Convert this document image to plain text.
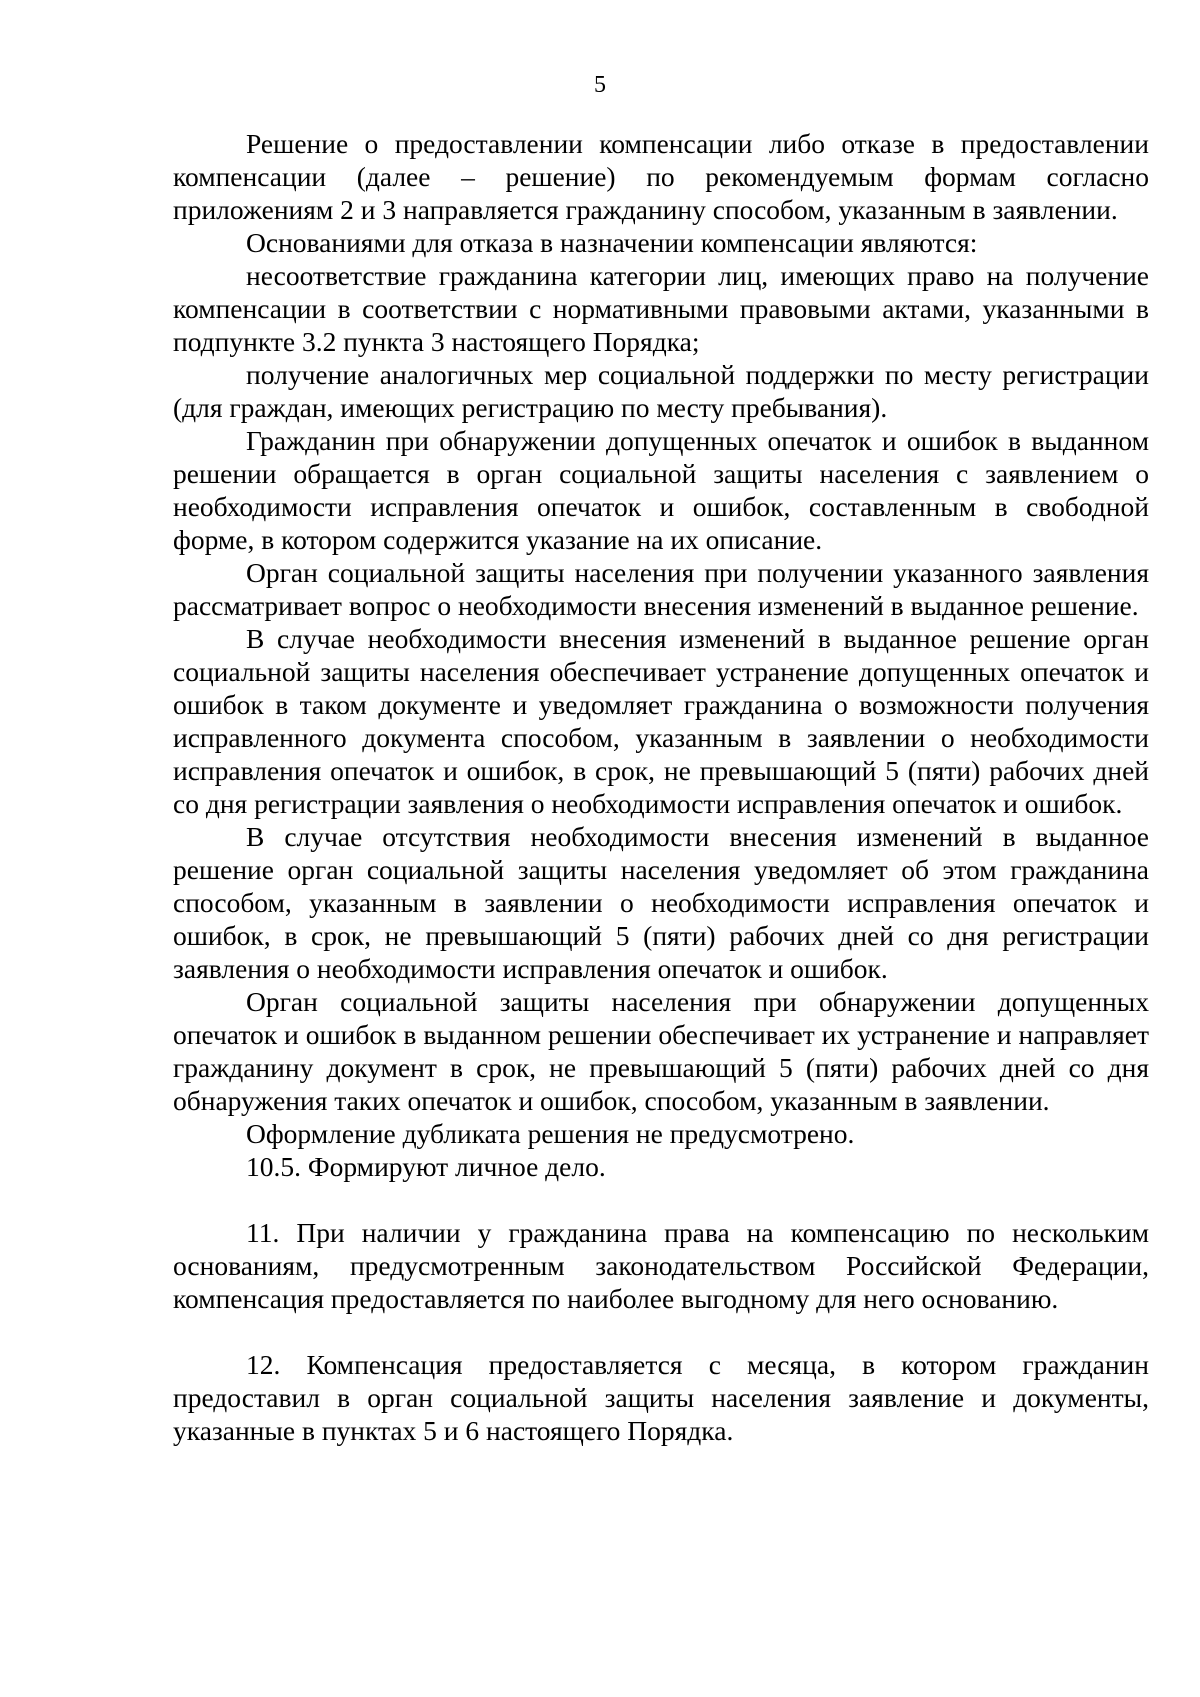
5

Решение о предоставлении компенсации либо отказе в предоставлении компенсации (далее – решение) по рекомендуемым формам согласно приложениям 2 и 3 направляется гражданину способом, указанным в заявлении.

Основаниями для отказа в назначении компенсации являются:

несоответствие гражданина категории лиц, имеющих право на получение компенсации в соответствии с нормативными правовыми актами, указанными в подпункте 3.2 пункта 3 настоящего Порядка;

получение аналогичных мер социальной поддержки по месту регистрации (для граждан, имеющих регистрацию по месту пребывания).

Гражданин при обнаружении допущенных опечаток и ошибок в выданном решении обращается в орган социальной защиты населения с заявлением о необходимости исправления опечаток и ошибок, составленным в свободной форме, в котором содержится указание на их описание.

Орган социальной защиты населения при получении указанного заявления рассматривает вопрос о необходимости внесения изменений в выданное решение.

В случае необходимости внесения изменений в выданное решение орган социальной защиты населения обеспечивает устранение допущенных опечаток и ошибок в таком документе и уведомляет гражданина о возможности получения исправленного документа способом, указанным в заявлении о необходимости исправления опечаток и ошибок, в срок, не превышающий 5 (пяти) рабочих дней со дня регистрации заявления о необходимости исправления опечаток и ошибок.

В случае отсутствия необходимости внесения изменений в выданное решение орган социальной защиты населения уведомляет об этом гражданина способом, указанным в заявлении о необходимости исправления опечаток и ошибок, в срок, не превышающий 5 (пяти) рабочих дней со дня регистрации заявления о необходимости исправления опечаток и ошибок.

Орган социальной защиты населения при обнаружении допущенных опечаток и ошибок в выданном решении обеспечивает их устранение и направляет гражданину документ в срок, не превышающий 5 (пяти) рабочих дней со дня обнаружения таких опечаток и ошибок, способом, указанным в заявлении.

Оформление дубликата решения не предусмотрено.

10.5. Формируют личное дело.

11. При наличии у гражданина права на компенсацию по нескольким основаниям, предусмотренным законодательством Российской Федерации, компенсация предоставляется по наиболее выгодному для него основанию.

12. Компенсация предоставляется с месяца, в котором гражданин предоставил в орган социальной защиты населения заявление и документы, указанные в пунктах 5 и 6 настоящего Порядка.
